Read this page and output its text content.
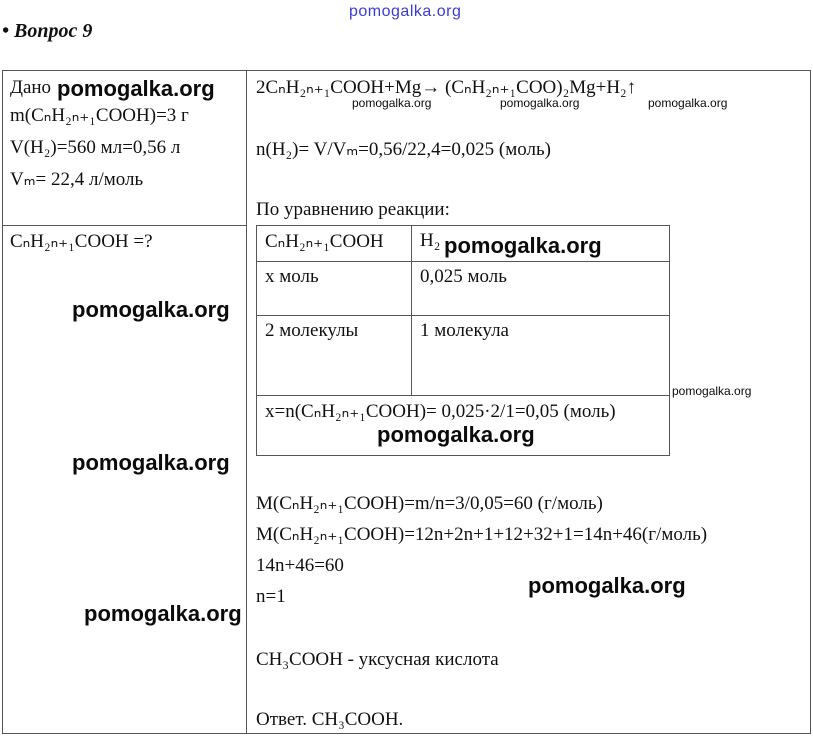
pomogalka.org
• Вопрос 9
Дано
m(CₙH₂ₙ₊₁COOH)=3 г
V(H₂)=560 мл=0,56 л
Vₘ= 22,4 л/моль
CₙH₂ₙ₊₁COOH =?
2CₙH₂ₙ₊₁COOH+Mg→ (CₙH₂ₙ₊₁COO)₂Mg+H₂↑
n(H₂)= V/Vₘ=0,56/22,4=0,025 (моль)
По уравнению реакции:
CₙH₂ₙ₊₁COOH	H₂
x моль	0,025 моль
2 молекулы	1 молекула
x=n(CₙH₂ₙ₊₁COOH)= 0,025·2/1=0,05 (моль)	
M(CₙH₂ₙ₊₁COOH)=m/n=3/0,05=60 (г/моль)
M(CₙH₂ₙ₊₁COOH)=12n+2n+1+12+32+1=14n+46(г/моль)
14n+46=60
n=1
CH₃COOH - уксусная кислота
Ответ. CH₃COOH.
pomogalka.org
pomogalka.org	pomogalka.org	pomogalka.org
pomogalka.org
pomogalka.org
pomogalka.org
pomogalka.org
pomogalka.org
pomogalka.org
pomogalka.org
